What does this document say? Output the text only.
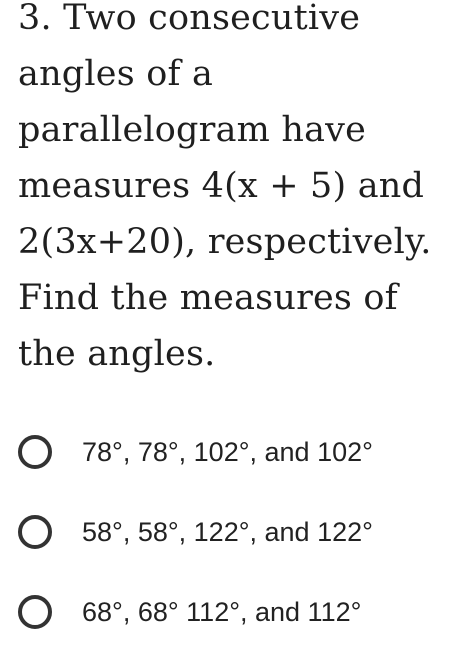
3. Two consecutive
angles of a
parallelogram have
measures 4(x + 5) and
2(3x+20), respectively.
Find the measures of
the angles.
78°, 78°, 102°, and 102°
58°, 58°, 122°, and 122°
68°, 68° 112°, and 112°
